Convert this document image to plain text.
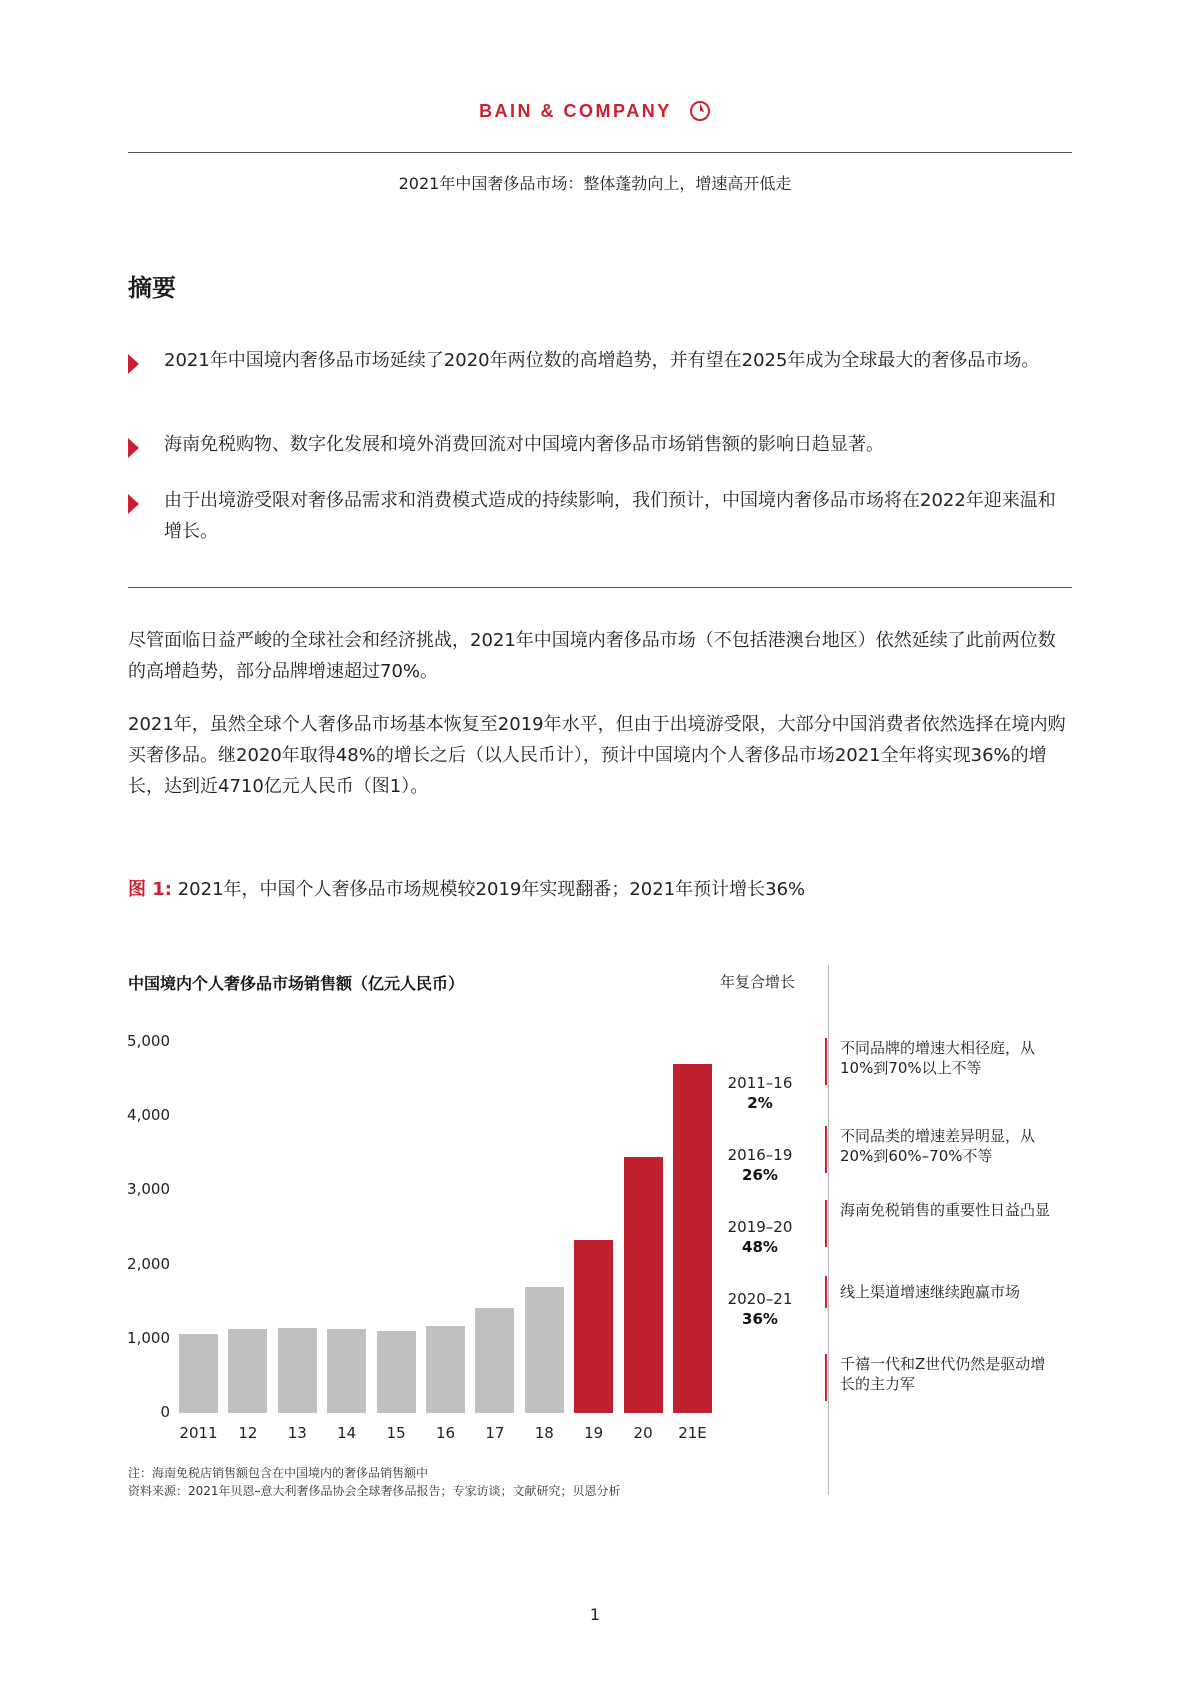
BAIN & COMPANY
2021年中国奢侈品市场：整体蓬勃向上，增速高开低走
摘要
2021年中国境内奢侈品市场延续了2020年两位数的高增趋势，并有望在2025年成为全球最大的奢侈品市场。
海南免税购物、数字化发展和境外消费回流对中国境内奢侈品市场销售额的影响日趋显著。
由于出境游受限对奢侈品需求和消费模式造成的持续影响，我们预计，中国境内奢侈品市场将在2022年迎来温和增长。
尽管面临日益严峻的全球社会和经济挑战，2021年中国境内奢侈品市场（不包括港澳台地区）依然延续了此前两位数的高增趋势，部分品牌增速超过70%。
2021年，虽然全球个人奢侈品市场基本恢复至2019年水平，但由于出境游受限，大部分中国消费者依然选择在境内购买奢侈品。继2020年取得48%的增长之后（以人民币计），预计中国境内个人奢侈品市场2021全年将实现36%的增长，达到近4710亿元人民币（图1）。
图 1: 2021年，中国个人奢侈品市场规模较2019年实现翻番；2021年预计增长36%
中国境内个人奢侈品市场销售额（亿元人民币）	年复合增长
0
1,000
2,000
3,000
4,000
5,000
2011	12	13	14	15	16	17	18	19	20	21E
2011–16
2%
2016–19
26%
2019–20
48%
2020–21
36%
不同品牌的增速大相径庭，从10%到70%以上不等
不同品类的增速差异明显，从20%到60%–70%不等
海南免税销售的重要性日益凸显
线上渠道增速继续跑赢市场
千禧一代和Z世代仍然是驱动增长的主力军
注：海南免税店销售额包含在中国境内的奢侈品销售额中
资料来源：2021年贝恩–意大利奢侈品协会全球奢侈品报告；专家访谈；文献研究；贝恩分析
1
